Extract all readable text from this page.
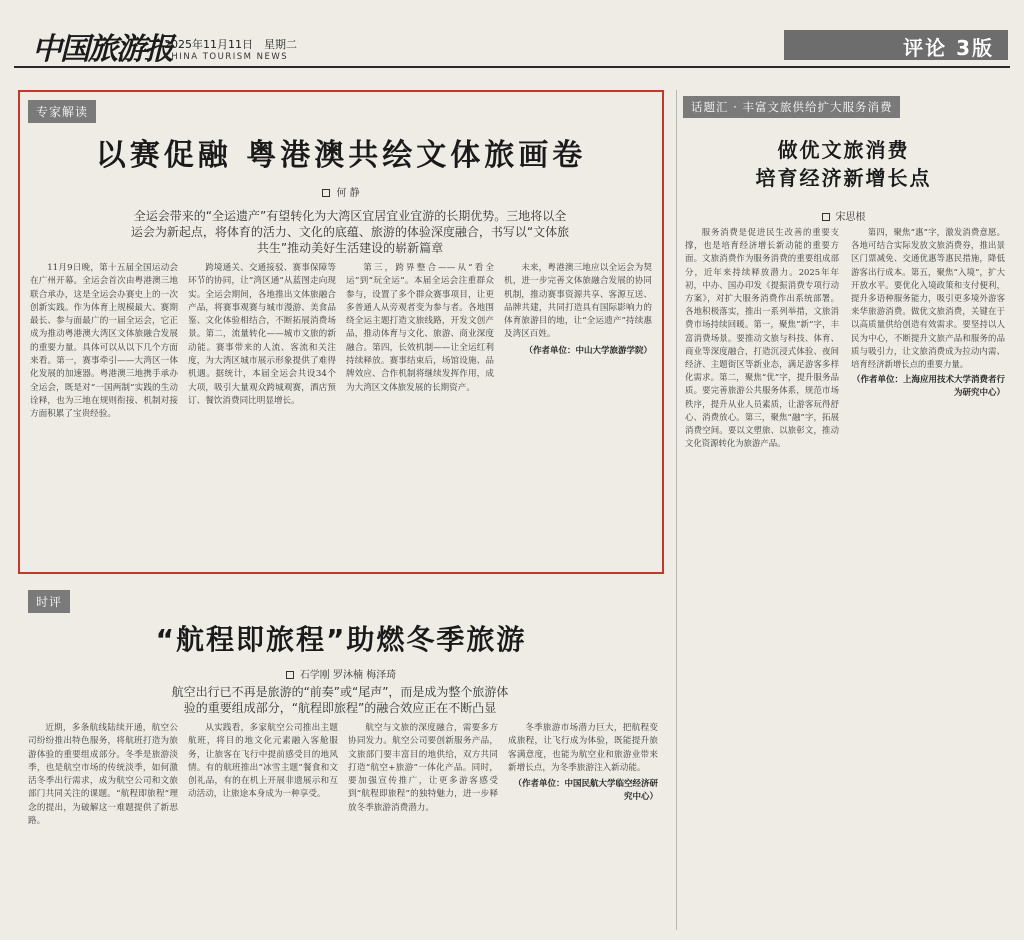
中国旅游报
2025年11月11日　星期二
CHINA TOURISM NEWS	评论 3版
专家解读
以赛促融 粤港澳共绘文体旅画卷
何 静
全运会带来的“全运遗产”有望转化为大湾区宜居宜业宜游的长期优势。三地将以全运会为新起点，将体育的活力、文化的底蕴、旅游的体验深度融合，书写以“文体旅共生”推动美好生活建设的崭新篇章

11月9日晚，第十五届全国运动会在广州开幕。全运会首次由粤港澳三地联合承办，这是全运会办赛史上的一次创新实践。作为体育上规模最大、赛期最长、参与面最广的一届全运会，它正成为推动粤港澳大湾区文体旅融合发展的重要力量。具体可以从以下几个方面来看。第一，赛事牵引——大湾区一体化发展的加速器。粤港澳三地携手承办全运会，既是对“一国两制”实践的生动诠释，也为三地在规则衔接、机制对接方面积累了宝贵经验。

跨境通关、交通接驳、赛事保障等环节的协同，让“湾区通”从蓝图走向现实。全运会期间，各地推出文体旅融合产品，将赛事观赛与城市漫游、美食品鉴、文化体验相结合，不断拓展消费场景。第二，流量转化——城市文旅的新动能。赛事带来的人流、客流和关注度，为大湾区城市展示形象提供了难得机遇。据统计，本届全运会共设34个大项，吸引大量观众跨城观赛，酒店预订、餐饮消费同比明显增长。

第三，跨界整合——从“看全运”到“玩全运”。本届全运会注重群众参与，设置了多个群众赛事项目，让更多普通人从旁观者变为参与者。各地围绕全运主题打造文旅线路，开发文创产品，推动体育与文化、旅游、商业深度融合。第四，长效机制——让全运红利持续释放。赛事结束后，场馆设施、品牌效应、合作机制将继续发挥作用，成为大湾区文体旅发展的长期资产。

未来，粤港澳三地应以全运会为契机，进一步完善文体旅融合发展的协同机制，推动赛事资源共享、客源互送、品牌共建，共同打造具有国际影响力的体育旅游目的地，让“全运遗产”持续惠及湾区百姓。

（作者单位：中山大学旅游学院）
时评
“航程即旅程”助燃冬季旅游
石学刚 罗沐楠 梅泽琦
航空出行已不再是旅游的“前奏”或“尾声”，而是成为整个旅游体验的重要组成部分，“航程即旅程”的融合效应正在不断凸显

近期，多条航线陆续开通，航空公司纷纷推出特色服务，将航班打造为旅游体验的重要组成部分。冬季是旅游淡季，也是航空市场的传统淡季，如何激活冬季出行需求，成为航空公司和文旅部门共同关注的课题。“航程即旅程”理念的提出，为破解这一难题提供了新思路。

从实践看，多家航空公司推出主题航班，将目的地文化元素融入客舱服务，让旅客在飞行中提前感受目的地风情。有的航班推出“冰雪主题”餐食和文创礼品，有的在机上开展非遗展示和互动活动，让旅途本身成为一种享受。

航空与文旅的深度融合，需要多方协同发力。航空公司要创新服务产品，文旅部门要丰富目的地供给，双方共同打造“航空+旅游”一体化产品。同时，要加强宣传推广，让更多游客感受到“航程即旅程”的独特魅力，进一步释放冬季旅游消费潜力。

冬季旅游市场潜力巨大，把航程变成旅程，让飞行成为体验，既能提升旅客满意度，也能为航空业和旅游业带来新增长点，为冬季旅游注入新动能。

（作者单位：中国民航大学临空经济研究中心）
话题汇 · 丰富文旅供给扩大服务消费
做优文旅消费
培育经济新增长点
宋思根

服务消费是促进民生改善的重要支撑，也是培育经济增长新动能的重要方面。文旅消费作为服务消费的重要组成部分，近年来持续释放潜力。2025年年初，中办、国办印发《提振消费专项行动方案》，对扩大服务消费作出系统部署。各地积极落实，推出一系列举措，文旅消费市场持续回暖。第一，聚焦“新”字，丰富消费场景。要推动文旅与科技、体育、商业等深度融合，打造沉浸式体验、夜间经济、主题街区等新业态，满足游客多样化需求。第二，聚焦“优”字，提升服务品质。要完善旅游公共服务体系，规范市场秩序，提升从业人员素质，让游客玩得舒心、消费放心。第三，聚焦“融”字，拓展消费空间。要以文塑旅、以旅彰文，推动文化资源转化为旅游产品。

第四，聚焦“惠”字，激发消费意愿。各地可结合实际发放文旅消费券，推出景区门票减免、交通优惠等惠民措施，降低游客出行成本。第五，聚焦“入境”，扩大开放水平。要优化入境政策和支付便利，提升多语种服务能力，吸引更多境外游客来华旅游消费。做优文旅消费，关键在于以高质量供给创造有效需求。要坚持以人民为中心，不断提升文旅产品和服务的品质与吸引力，让文旅消费成为拉动内需、培育经济新增长点的重要力量。

（作者单位：上海应用技术大学消费者行为研究中心）
